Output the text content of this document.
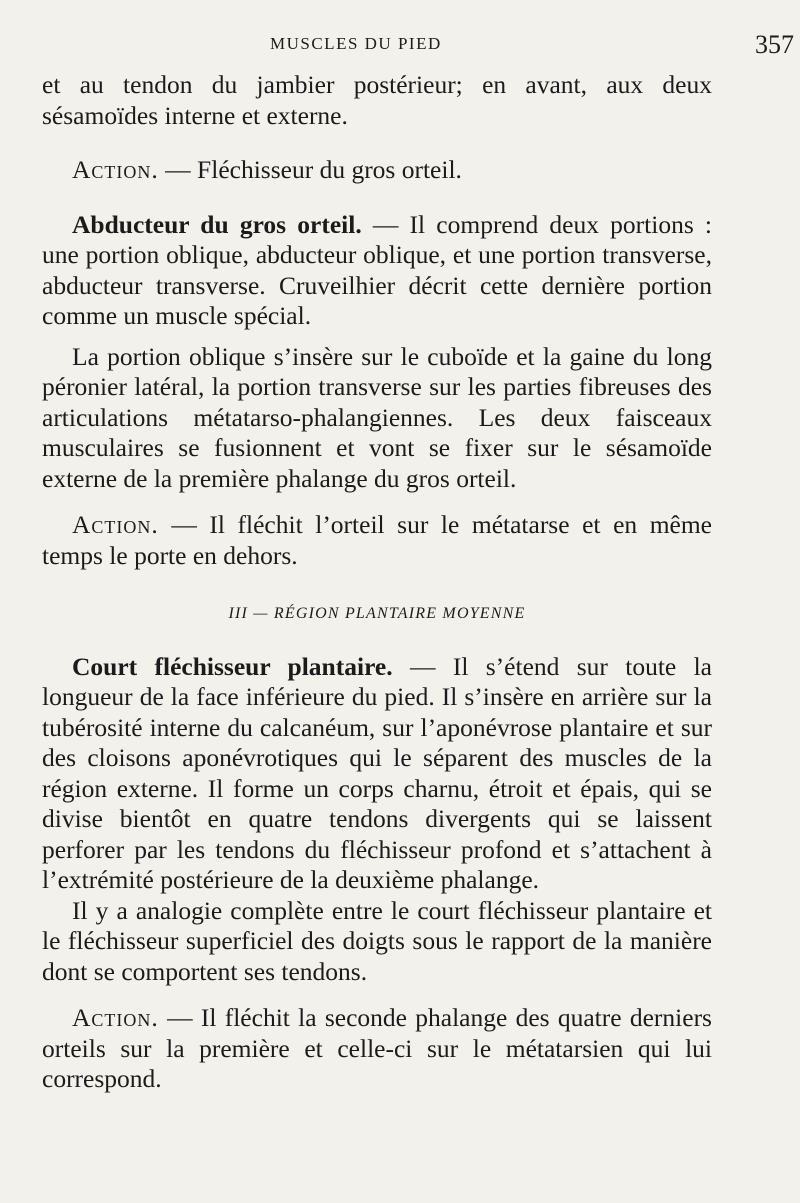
MUSCLES DU PIED	357

et au tendon du jambier postérieur; en avant, aux deux sésamoïdes interne et externe.

Action. — Fléchisseur du gros orteil.

Abducteur du gros orteil. — Il comprend deux portions : une portion oblique, abducteur oblique, et une portion transverse, abducteur transverse. Cruveilhier décrit cette dernière portion comme un muscle spécial.

La portion oblique s’insère sur le cuboïde et la gaine du long péronier latéral, la portion transverse sur les parties fibreuses des articulations métatarso-phalangiennes. Les deux faisceaux musculaires se fusionnent et vont se fixer sur le sésamoïde externe de la première phalange du gros orteil.

Action. — Il fléchit l’orteil sur le métatarse et en même temps le porte en dehors.

III — RÉGION PLANTAIRE MOYENNE

Court fléchisseur plantaire. — Il s’étend sur toute la longueur de la face inférieure du pied. Il s’insère en arrière sur la tubérosité interne du calcanéum, sur l’aponévrose plantaire et sur des cloisons aponévrotiques qui le séparent des muscles de la région externe. Il forme un corps charnu, étroit et épais, qui se divise bientôt en quatre tendons divergents qui se laissent perforer par les tendons du fléchisseur profond et s’attachent à l’extrémité postérieure de la deuxième phalange.

Il y a analogie complète entre le court fléchisseur plantaire et le fléchisseur superficiel des doigts sous le rapport de la manière dont se comportent ses tendons.

Action. — Il fléchit la seconde phalange des quatre derniers orteils sur la première et celle-ci sur le métatarsien qui lui correspond.
